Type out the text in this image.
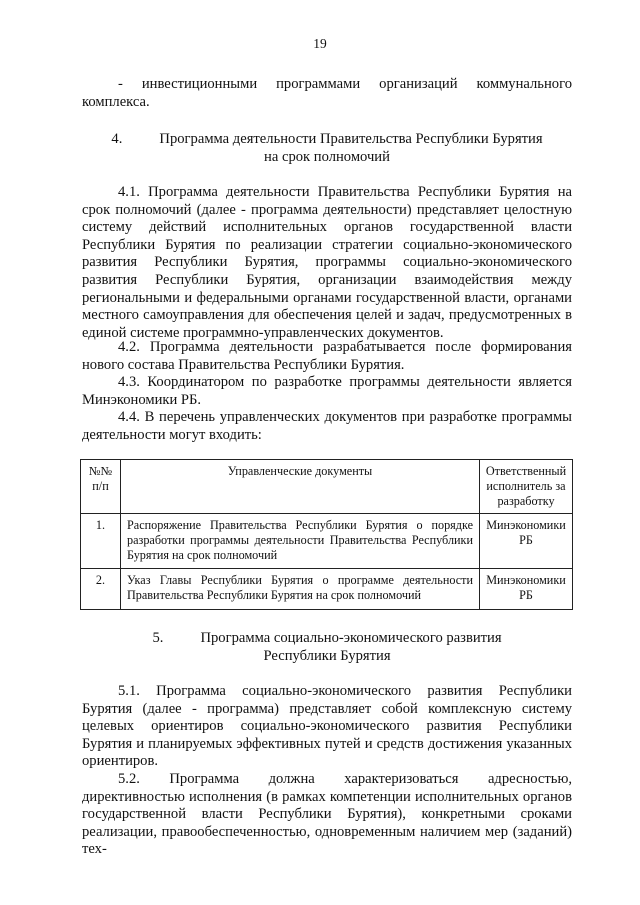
19
- инвестиционными программами организаций коммунального комплекса.
4.	Программа деятельности Правительства Республики Бурятия
на срок полномочий
4.1. Программа деятельности Правительства Республики Бурятия на срок полномочий (далее - программа деятельности) представляет целостную систему действий исполнительных органов государственной власти Республики Бурятия по реализации стратегии социально-экономического развития Республики Бурятия, программы социально-экономического развития Республики Бурятия, организации взаимодействия между региональными и федеральными органами государственной власти, органами местного самоуправления для обеспечения целей и задач, предусмотренных в единой системе программно-управленческих документов.
4.2. Программа деятельности разрабатывается после формирования нового состава Правительства Республики Бурятия.
4.3. Координатором по разработке программы деятельности является Минэкономики РБ.
4.4. В перечень управленческих документов при разработке программы деятельности могут входить:
№№ п/п	Управленческие документы	Ответственный исполнитель за разработку
1.	Распоряжение Правительства Республики Бурятия о порядке разработки программы деятельности Правительства Республики Бурятия на срок полномочий	Минэкономики РБ
2.	Указ Главы Республики Бурятия о программе деятельности Правительства Республики Бурятия на срок полномочий	Минэкономики РБ
5.	Программа социально-экономического развития
Республики Бурятия
5.1. Программа социально-экономического развития Республики Бурятия (далее - программа) представляет собой комплексную систему целевых ориентиров социально-экономического развития Республики Бурятия и планируемых эффективных путей и средств достижения указанных ориентиров.
5.2. Программа должна характеризоваться адресностью, директивностью исполнения (в рамках компетенции исполнительных органов государственной власти Республики Бурятия), конкретными сроками реализации, правообеспеченностью, одновременным наличием мер (заданий) тех-
